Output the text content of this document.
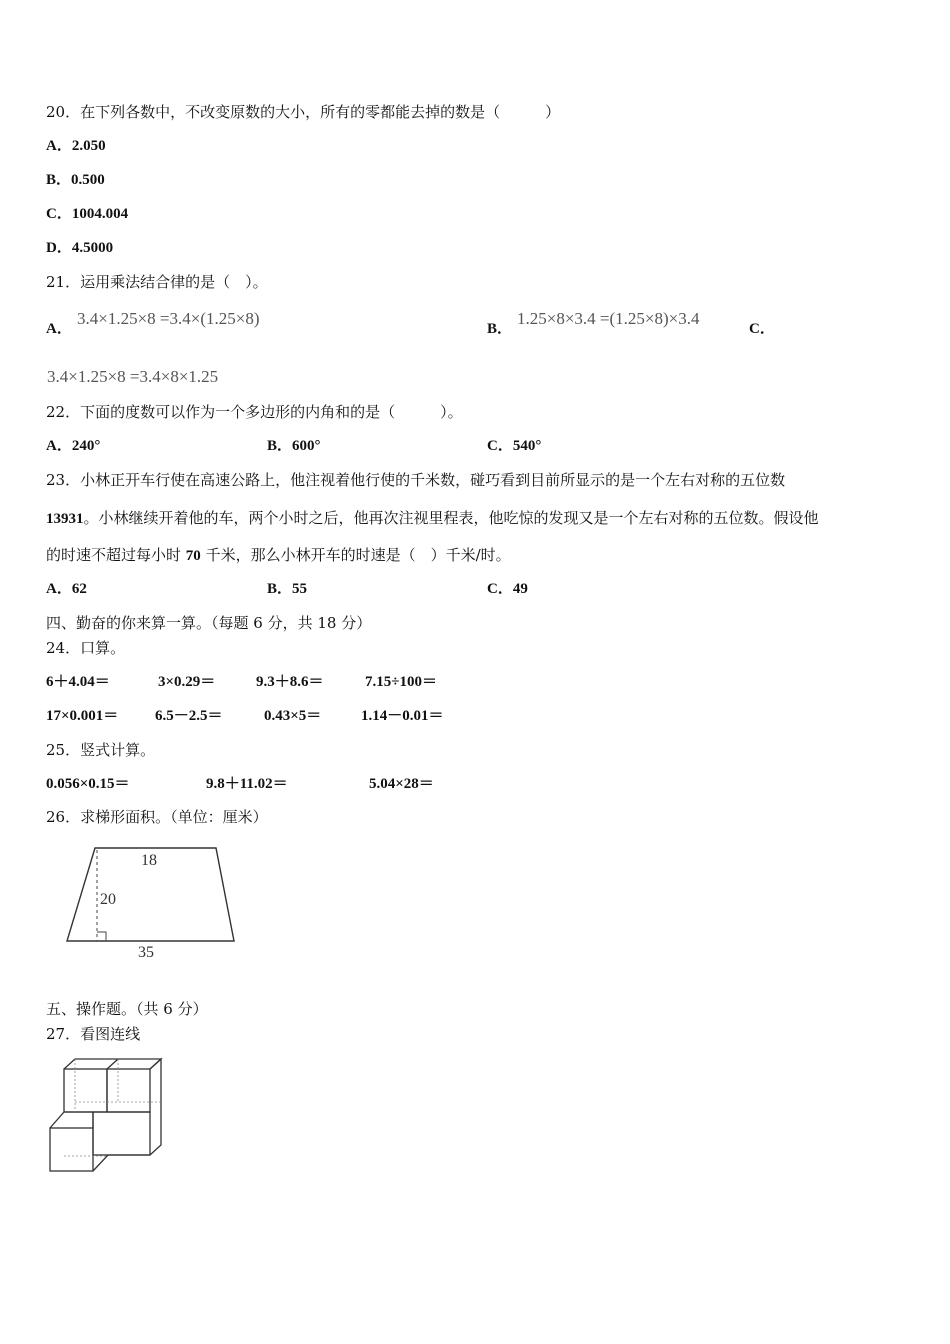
20．在下列各数中，不改变原数的大小，所有的零都能去掉的数是（　　　）
A．2.050
B．0.500
C．1004.004
D．4.5000
21．运用乘法结合律的是（　）。
A．
3.4×1.25×8 =3.4×(1.25×8)
B．
1.25×8×3.4 =(1.25×8)×3.4
C．
3.4×1.25×8 =3.4×8×1.25
22．下面的度数可以作为一个多边形的内角和的是（　　　）。
A．240°	B．600°	C．540°
23．小林正开车行使在高速公路上，他注视着他行使的千米数，碰巧看到目前所显示的是一个左右对称的五位数
13931。小林继续开着他的车，两个小时之后，他再次注视里程表，他吃惊的发现又是一个左右对称的五位数。假设他
的时速不超过每小时 70 千米，那么小林开车的时速是（　）千米/时。
A．62	B．55	C．49
四、勤奋的你来算一算。（每题 6 分，共 18 分）
24．口算。
6＋4.04＝	3×0.29＝	9.3＋8.6＝	7.15÷100＝
17×0.001＝ 6.5－2.5＝	0.43×5＝	1.14－0.01＝
25．竖式计算。
0.056×0.15＝	9.8＋11.02＝	5.04×28＝
26．求梯形面积。（单位：厘米）
18
20
35
五、操作题。（共 6 分）
27．看图连线
